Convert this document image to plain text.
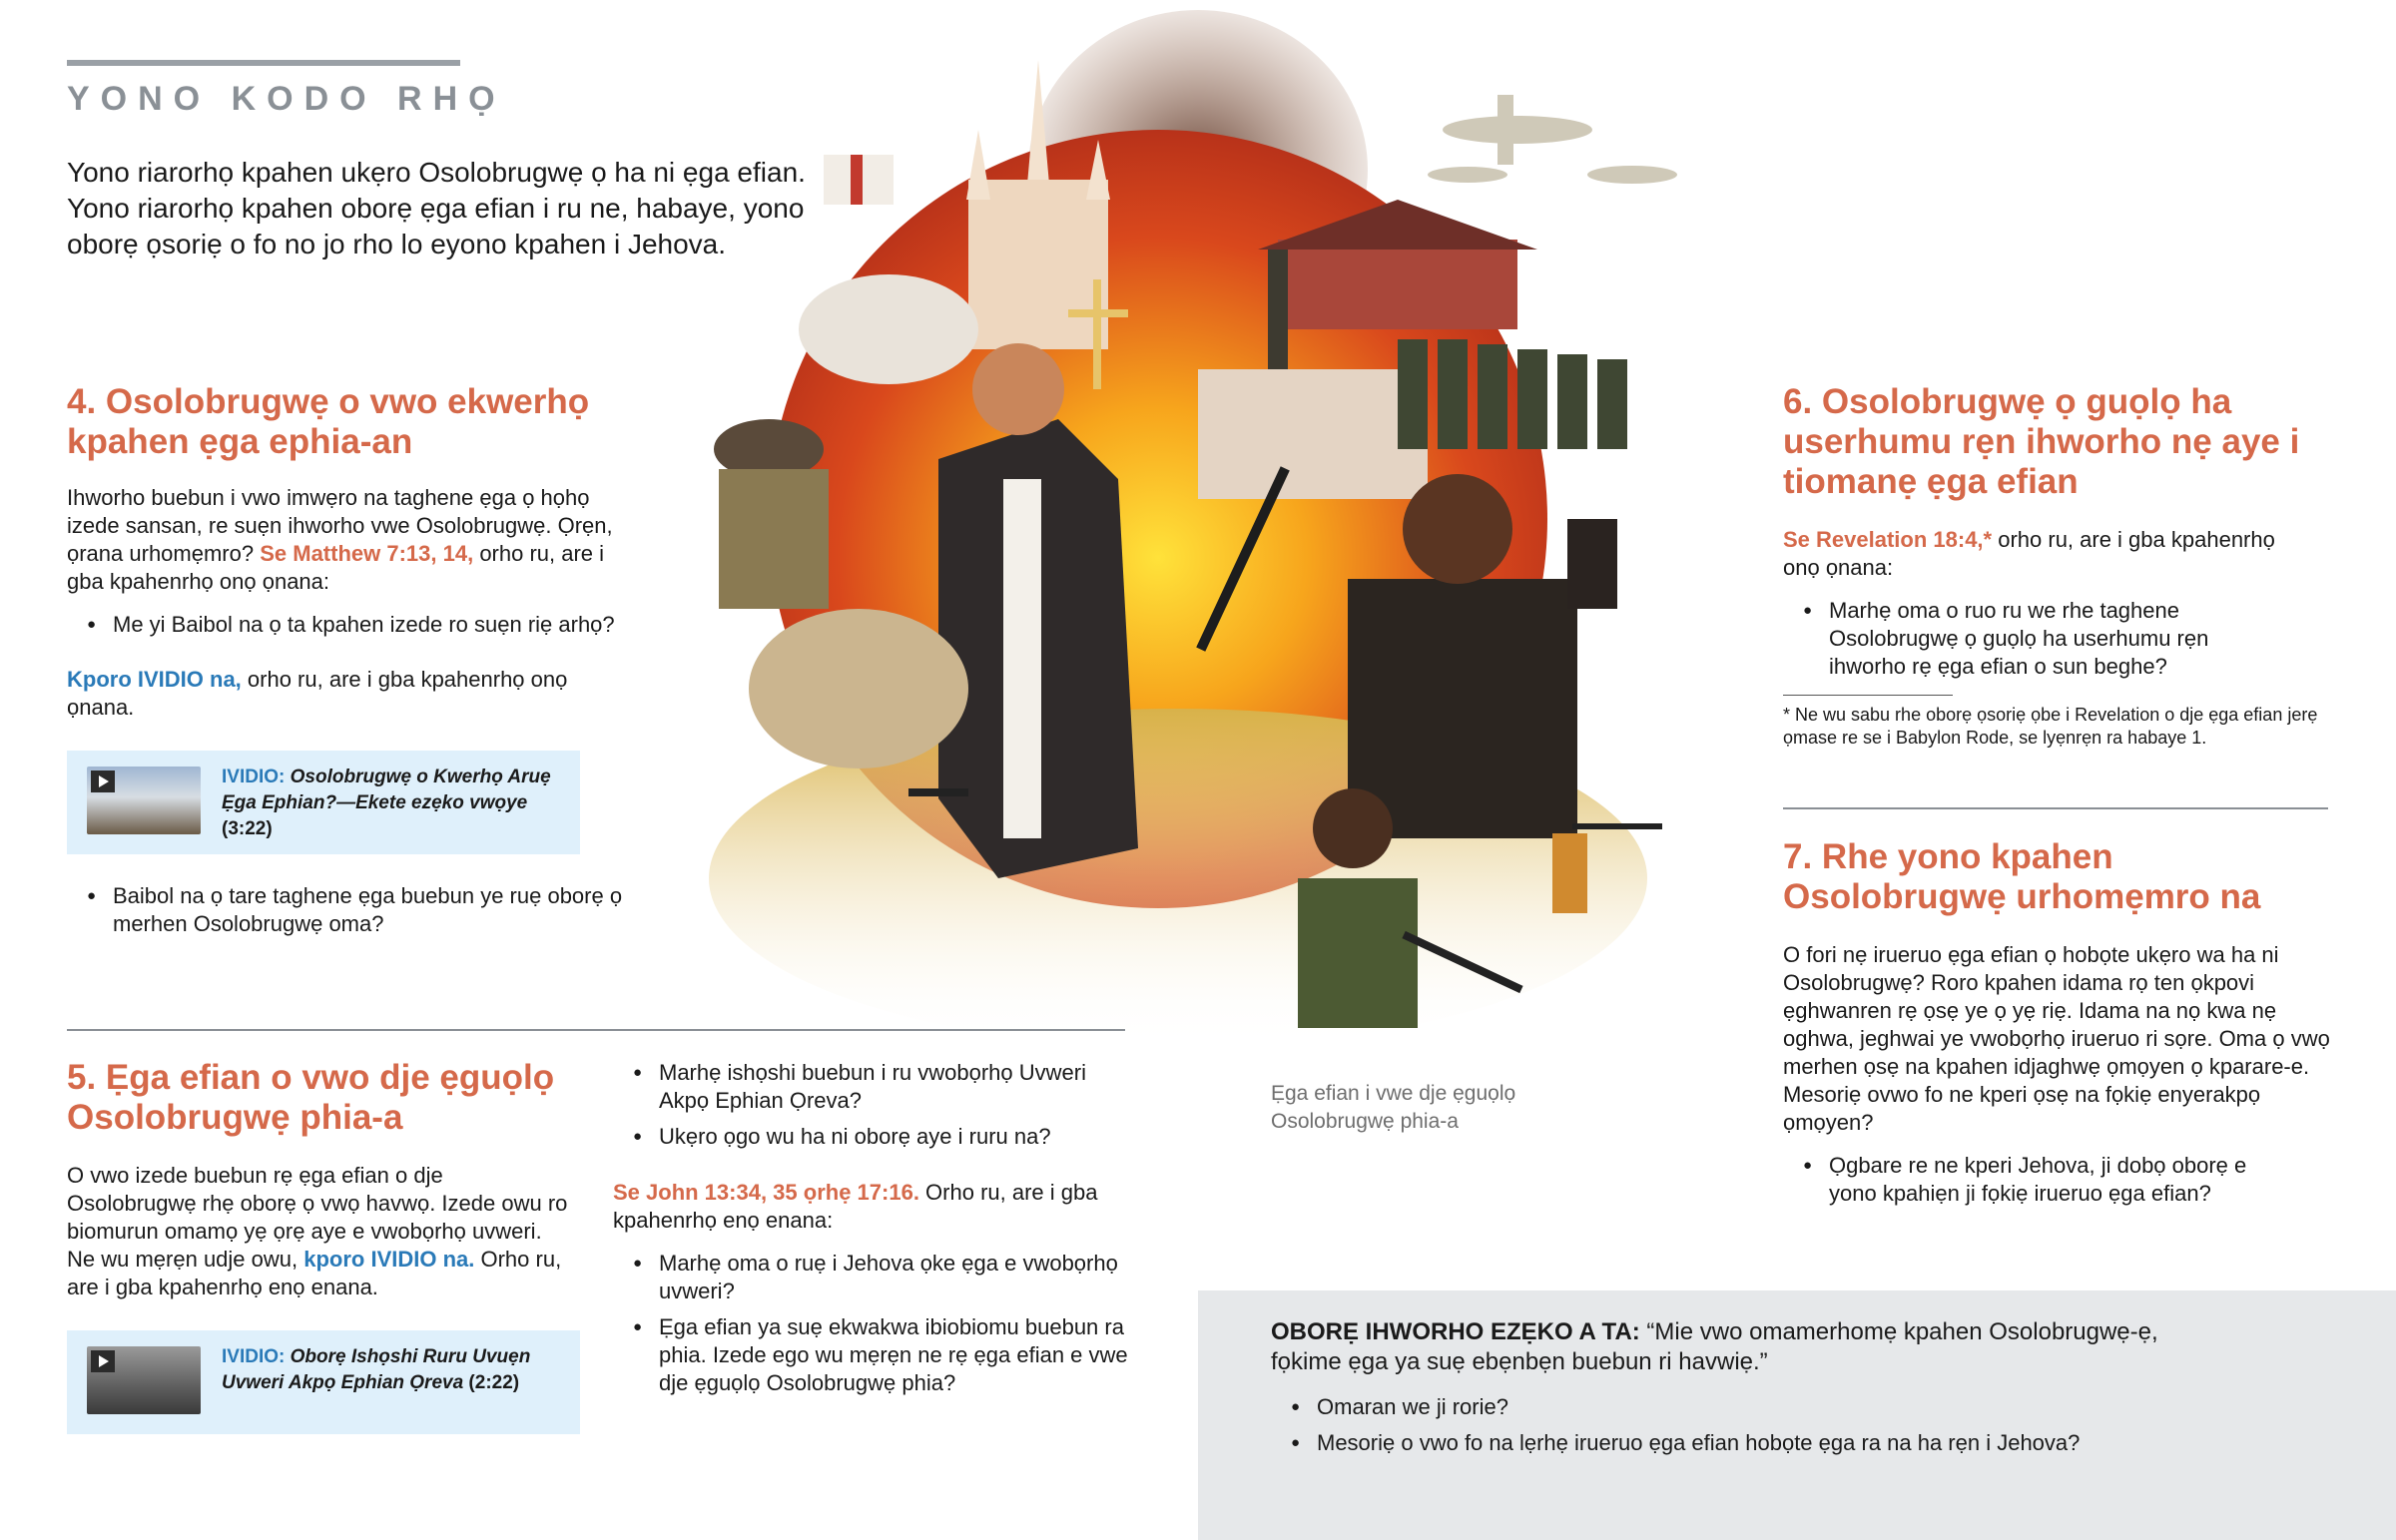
YONO KODO RHỌ
Yono riarorhọ kpahen ukẹro Osolobrugwẹ ọ ha ni ẹga efian. Yono riarorhọ kpahen oborẹ ẹga efian i ru ne, habaye, yono oborẹ ọsoriẹ o fo no jo rho lo eyono kpahen i Jehova.
Ẹga efian i vwe dje ẹguọlọ Osolobrugwẹ phia-a
4. Osolobrugwẹ o vwo ekwerhọ kpahen ẹga ephia-an
Ihworho buebun i vwo imwẹro na taghene ẹga ọ họhọ izede sansan, re suẹn ihworho vwe Osolobrugwẹ. Ọrẹn, ọrana urhomẹmro? Se Matthew 7:13, 14, orho ru, are i gba kpahenrhọ onọ ọnana:
● Me yi Baibol na ọ ta kpahen izede ro suẹn riẹ arhọ?
Kporo IVIDIO na, orho ru, are i gba kpahenrhọ onọ ọnana.
IVIDIO: Osolobrugwẹ o Kwerhọ Aruẹ Ẹga Ephian?—Ekete ezẹko vwọye (3:22)
● Baibol na ọ tare taghene ẹga buebun ye ruẹ oborẹ ọ merhen Osolobrugwẹ oma?
5. Ẹga efian o vwo dje ẹguọlọ Osolobrugwẹ phia-a
O vwo izede buebun rẹ ẹga efian o dje Osolobrugwẹ rhẹ oborẹ ọ vwọ havwọ. Izede owu ro biomurun omamọ yẹ ọrẹ aye e vwobọrhọ uvweri. Ne wu mẹrẹn udje owu, kporo IVIDIO na. Orho ru, are i gba kpahenrhọ enọ enana.
IVIDIO: Oborẹ Ishọshi Ruru Uvuẹn Uvweri Akpọ Ephian Ọreva (2:22)
● Marhẹ ishọshi buebun i ru vwobọrhọ Uvweri Akpọ Ephian Ọreva?
● Ukẹro ọgo wu ha ni oborẹ aye i ruru na?
Se John 13:34, 35 ọrhẹ 17:16. Orho ru, are i gba kpahenrhọ enọ enana:
● Marhẹ oma o ruẹ i Jehova ọke ẹga e vwobọrhọ uvweri?
● Ẹga efian ya suẹ ekwakwa ibiobiomu buebun ra phia. Izede ego wu mẹrẹn ne rẹ ẹga efian e vwe dje ẹguọlọ Osolobrugwẹ phia?
6. Osolobrugwẹ ọ guọlọ ha userhumu rẹn ihworho nẹ aye i tiomanẹ ẹga efian
Se Revelation 18:4,* orho ru, are i gba kpahenrhọ onọ ọnana:
● Marhẹ oma o ruo ru we rhe taghene Osolobrugwẹ ọ guọlọ ha userhumu rẹn ihworho rẹ ẹga efian o sun beghe?
* Ne wu sabu rhe oborẹ ọsoriẹ ọbe i Revelation o dje ẹga efian jerẹ ọmase re se i Babylon Rode, se lyẹnrẹn ra habaye 1.
7. Rhe yono kpahen Osolobrugwẹ urhomẹmro na
O fori nẹ irueruo ẹga efian ọ hobọte ukẹro wa ha ni Osolobrugwẹ? Roro kpahen idama rọ ten ọkpovi ẹghwanren rẹ ọsẹ ye ọ yẹ riẹ. Idama na nọ kwa nẹ oghwa, jeghwai ye vwobọrhọ irueruo ri sọre. Oma ọ vwọ merhen ọsẹ na kpahen idjaghwẹ ọmọyen ọ kparare-e. Mesoriẹ ovwo fo ne kperi ọsẹ na fọkiẹ enyerakpọ ọmọyen?
● Ọgbare re ne kperi Jehova, ji dobọ oborẹ e yono kpahiẹn ji fọkiẹ irueruo ẹga efian?
OBORẸ IHWORHO EZẸKO A TA: “Mie vwo omamerhomẹ kpahen Osolobrugwẹ-ẹ, fọkime ẹga ya suẹ ebẹnbẹn buebun ri havwiẹ.”
● Omaran we ji rorie?
● Mesoriẹ o vwo fo na lẹrhẹ irueruo ẹga efian hobọte ẹga ra na ha rẹn i Jehova?
